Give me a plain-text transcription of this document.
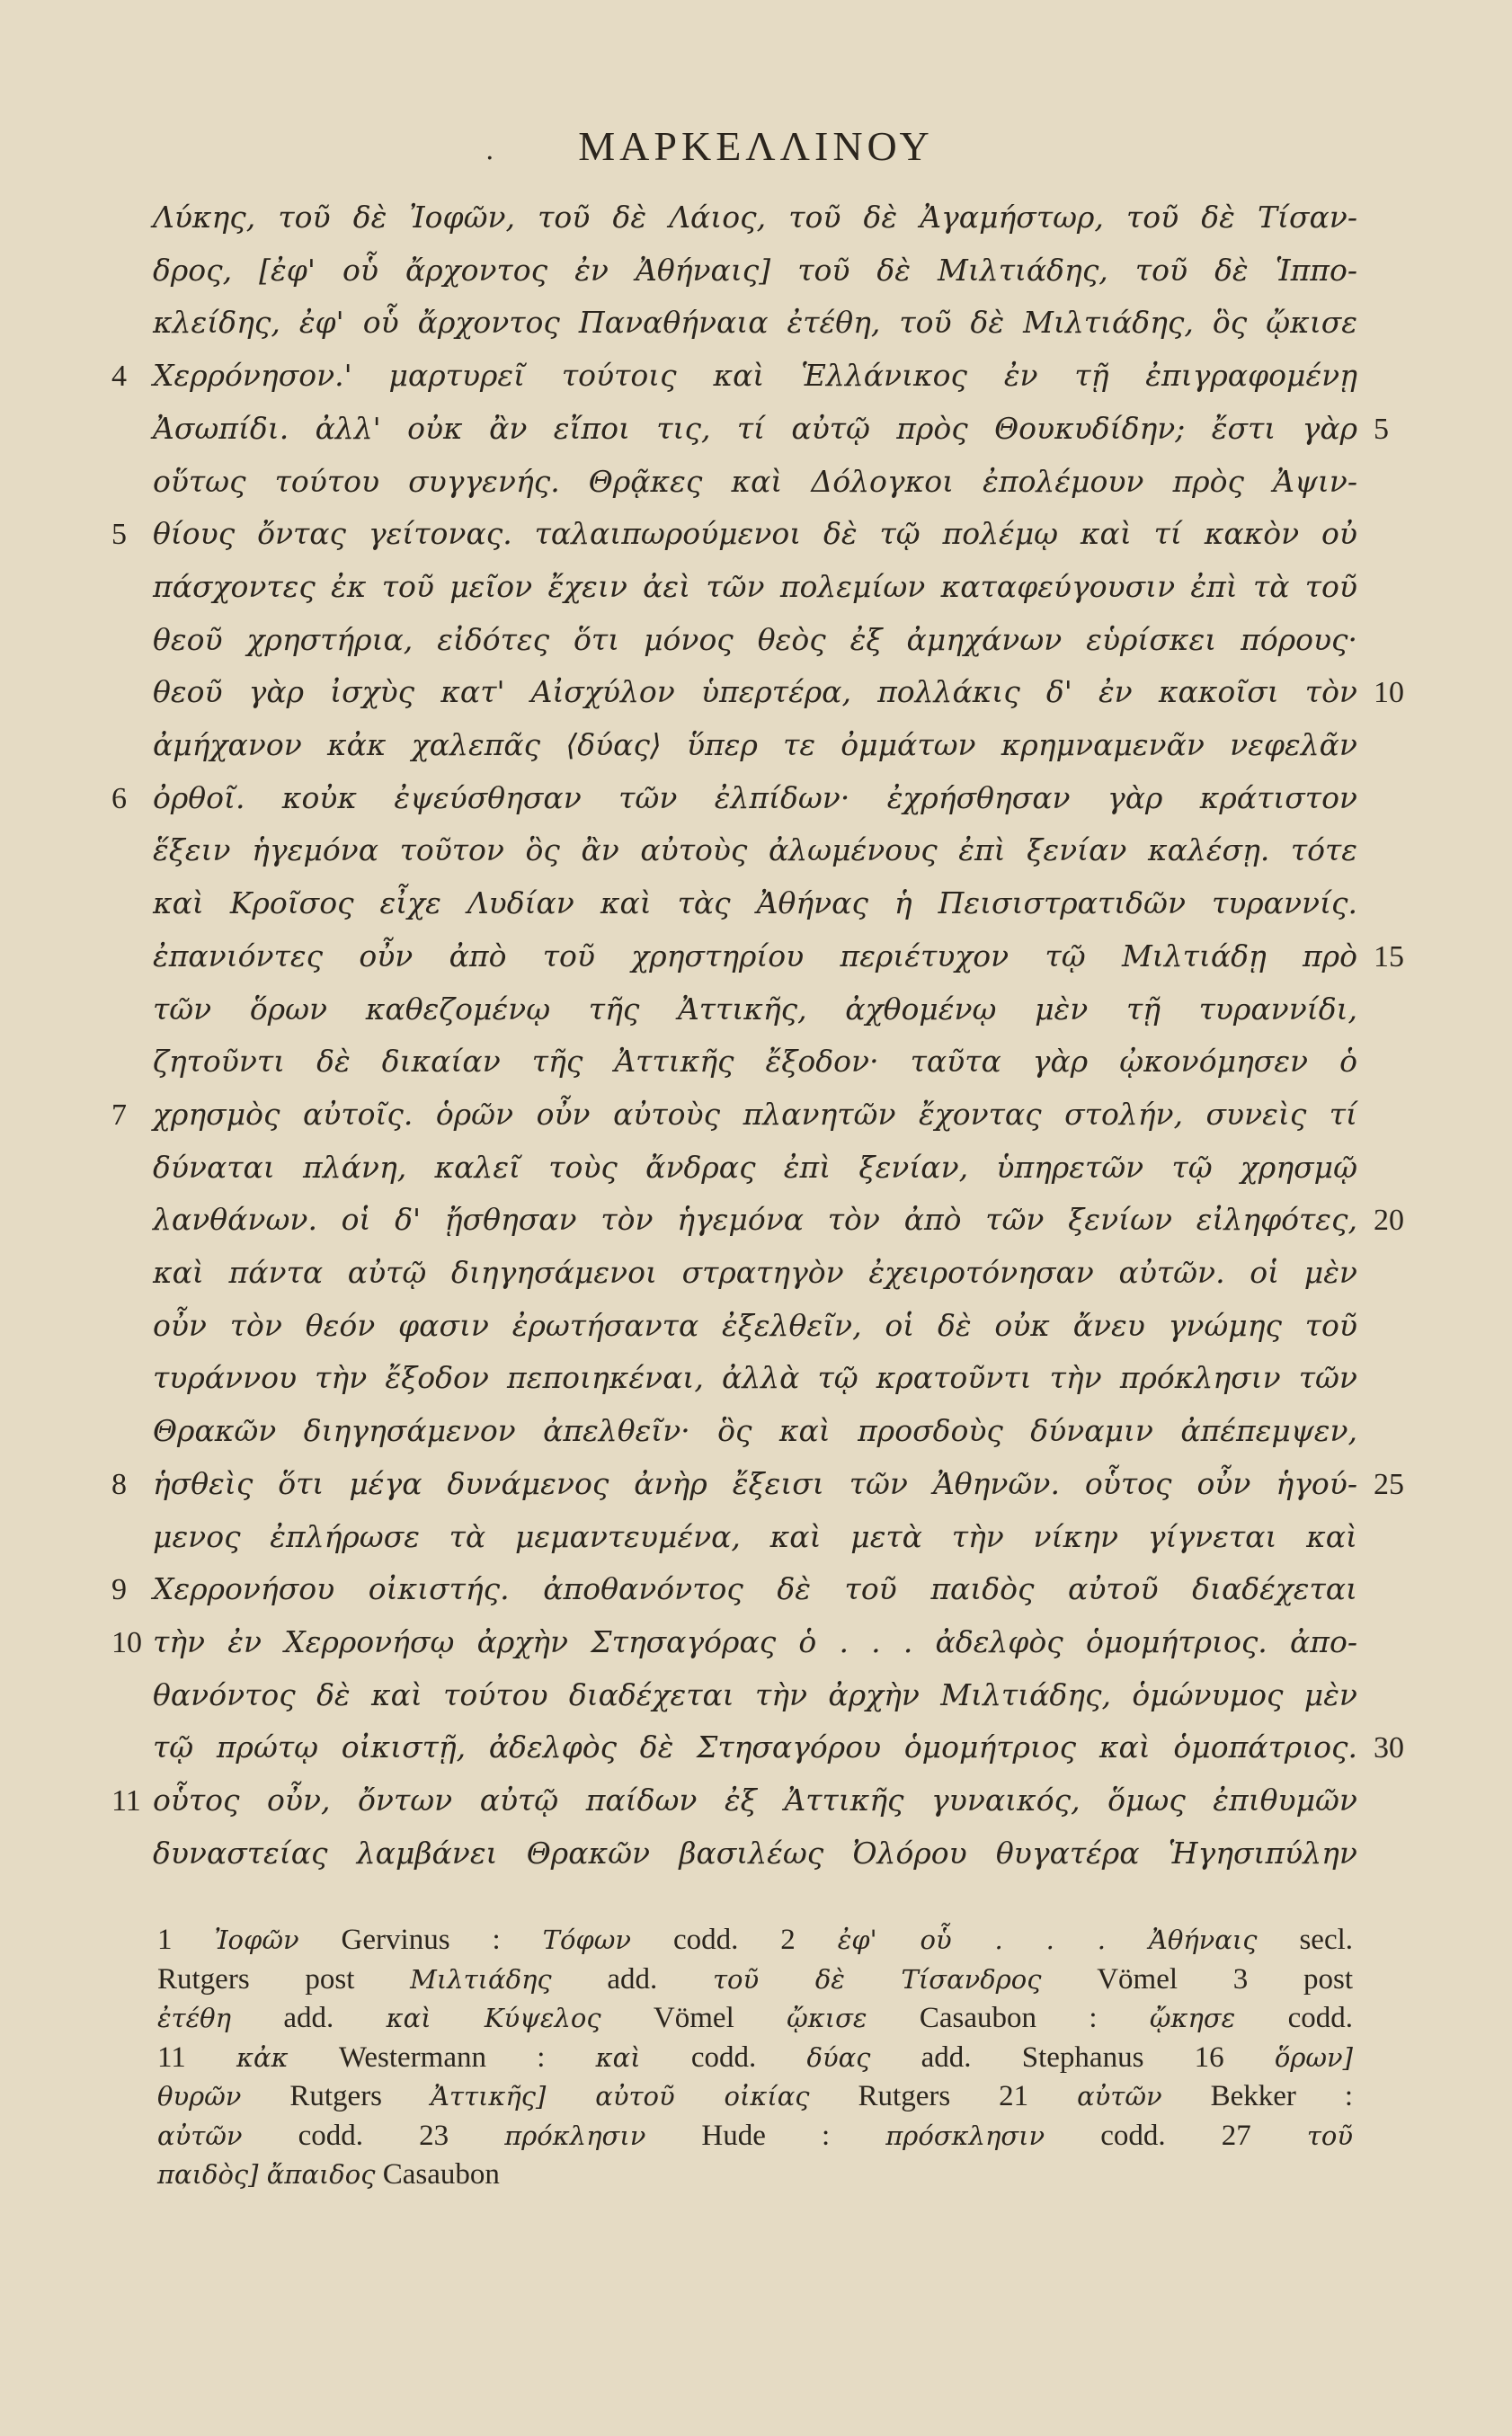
.	ΜΑΡΚΕΛΛΙΝΟΥ
Λύκης, τοῦ δὲ Ἰοφῶν, τοῦ δὲ Λάιος, τοῦ δὲ Ἀγαμήστωρ, τοῦ δὲ Τίσαν-
δρος, [ἐφ' οὗ ἄρχοντος ἐν Ἀθήναις] τοῦ δὲ Μιλτιάδης, τοῦ δὲ Ἱππο-
κλείδης, ἐφ' οὗ ἄρχοντος Παναθήναια ἐτέθη, τοῦ δὲ Μιλτιάδης, ὃς ᾤκισε
Χερρόνησον.' μαρτυρεῖ τούτοις καὶ Ἑλλάνικος ἐν τῇ ἐπιγραφομένῃ
4
Ἀσωπίδι. ἀλλ' οὐκ ἂν εἴποι τις, τί αὐτῷ πρὸς Θουκυδίδην; ἔστι γὰρ 5
οὕτως τούτου συγγενής. Θρᾷκες καὶ Δόλογκοι ἐπολέμουν πρὸς Ἀψιν-
θίους ὄντας γείτονας. ταλαιπωρούμενοι δὲ τῷ πολέμῳ καὶ τί κακὸν οὐ
5
πάσχοντες ἐκ τοῦ μεῖον ἔχειν ἀεὶ τῶν πολεμίων καταφεύγουσιν ἐπὶ τὰ τοῦ
θεοῦ χρηστήρια, εἰδότες ὅτι μόνος θεὸς ἐξ ἀμηχάνων εὑρίσκει πόρους·
θεοῦ γὰρ ἰσχὺς κατ' Αἰσχύλον ὑπερτέρα, πολλάκις δ' ἐν κακοῖσι τὸν 10
ἀμήχανον κἀκ χαλεπᾶς ⟨δύας⟩ ὕπερ τε ὀμμάτων κρημναμενᾶν νεφελᾶν
ὀρθοῖ. κοὐκ ἐψεύσθησαν τῶν ἐλπίδων· ἐχρήσθησαν γὰρ κράτιστον
6
ἕξειν ἡγεμόνα τοῦτον ὃς ἂν αὐτοὺς ἀλωμένους ἐπὶ ξενίαν καλέσῃ. τότε
καὶ Κροῖσος εἶχε Λυδίαν καὶ τὰς Ἀθήνας ἡ Πεισιστρατιδῶν τυραννίς.
ἐπανιόντες οὖν ἀπὸ τοῦ χρηστηρίου περιέτυχον τῷ Μιλτιάδῃ πρὸ 15
τῶν ὅρων καθεζομένῳ τῆς Ἀττικῆς, ἀχθομένῳ μὲν τῇ τυραννίδι,
ζητοῦντι δὲ δικαίαν τῆς Ἀττικῆς ἔξοδον· ταῦτα γὰρ ᾠκονόμησεν ὁ
χρησμὸς αὐτοῖς. ὁρῶν οὖν αὐτοὺς πλανητῶν ἔχοντας στολήν, συνεὶς τί
7
δύναται πλάνη, καλεῖ τοὺς ἄνδρας ἐπὶ ξενίαν, ὑπηρετῶν τῷ χρησμῷ
λανθάνων. οἱ δ' ᾔσθησαν τὸν ἡγεμόνα τὸν ἀπὸ τῶν ξενίων εἰληφότες, 20
καὶ πάντα αὐτῷ διηγησάμενοι στρατηγὸν ἐχειροτόνησαν αὐτῶν. οἱ μὲν
οὖν τὸν θεόν φασιν ἐρωτήσαντα ἐξελθεῖν, οἱ δὲ οὐκ ἄνευ γνώμης τοῦ
τυράννου τὴν ἔξοδον πεποιηκέναι, ἀλλὰ τῷ κρατοῦντι τὴν πρόκλησιν τῶν
Θρακῶν διηγησάμενον ἀπελθεῖν· ὃς καὶ προσδοὺς δύναμιν ἀπέπεμψεν,
ἡσθεὶς ὅτι μέγα δυνάμενος ἀνὴρ ἔξεισι τῶν Ἀθηνῶν. οὗτος οὖν ἡγού-
8	25
μενος ἐπλήρωσε τὰ μεμαντευμένα, καὶ μετὰ τὴν νίκην γίγνεται καὶ
Χερρονήσου οἰκιστής. ἀποθανόντος δὲ τοῦ παιδὸς αὐτοῦ διαδέχεται
9
τὴν ἐν Χερρονήσῳ ἀρχὴν Στησαγόρας ὁ . . . ἀδελφὸς ὁμομήτριος. ἀπο-
10
θανόντος δὲ καὶ τούτου διαδέχεται τὴν ἀρχὴν Μιλτιάδης, ὁμώνυμος μὲν
τῷ πρώτῳ οἰκιστῇ, ἀδελφὸς δὲ Στησαγόρου ὁμομήτριος καὶ ὁμοπάτριος. 30
οὗτος οὖν, ὄντων αὐτῷ παίδων ἐξ Ἀττικῆς γυναικός, ὅμως ἐπιθυμῶν
11
δυναστείας λαμβάνει Θρακῶν βασιλέως Ὀλόρου θυγατέρα Ἡγησιπύλην
1 Ἰοφῶν Gervinus : Τόφων codd. 2 ἐφ' οὗ . . . Ἀθήναις secl.
Rutgers post Μιλτιάδης add. τοῦ δὲ Τίσανδρος Vömel 3 post
ἐτέθη add. καὶ Κύψελος Vömel ᾤκισε Casaubon : ᾤκησε codd.
11 κἀκ Westermann : καὶ codd. δύας add. Stephanus 16 ὅρων]
θυρῶν Rutgers Ἀττικῆς] αὐτοῦ οἰκίας Rutgers 21 αὐτῶν Bekker :
αὐτῶν codd. 23 πρόκλησιν Hude : πρόσκλησιν codd. 27 τοῦ
παιδὸς] ἄπαιδος Casaubon
